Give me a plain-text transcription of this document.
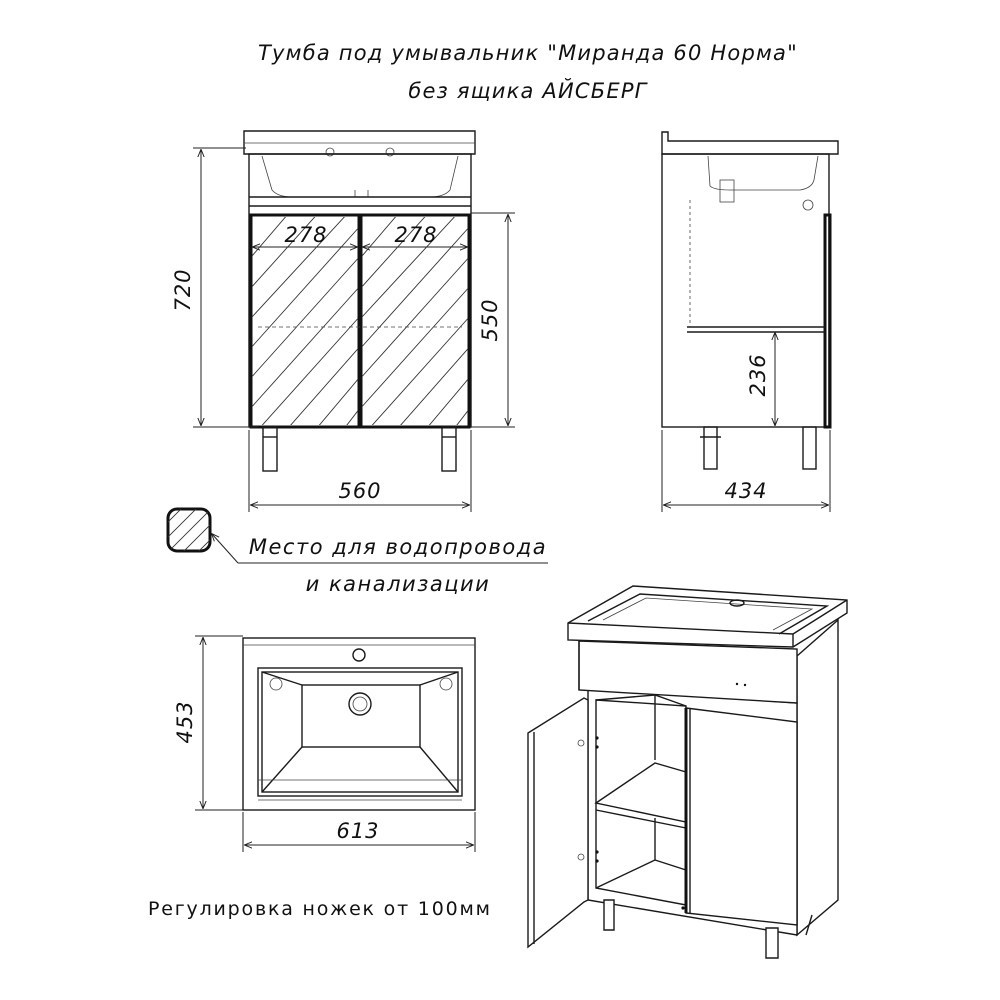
Тумба под умывальник "Миранда 60 Норма"
без ящика АЙСБЕРГ
720
550
278	278
560
236
434
Место для водопровода
и канализации
453
613
Регулировка ножек от 100мм
